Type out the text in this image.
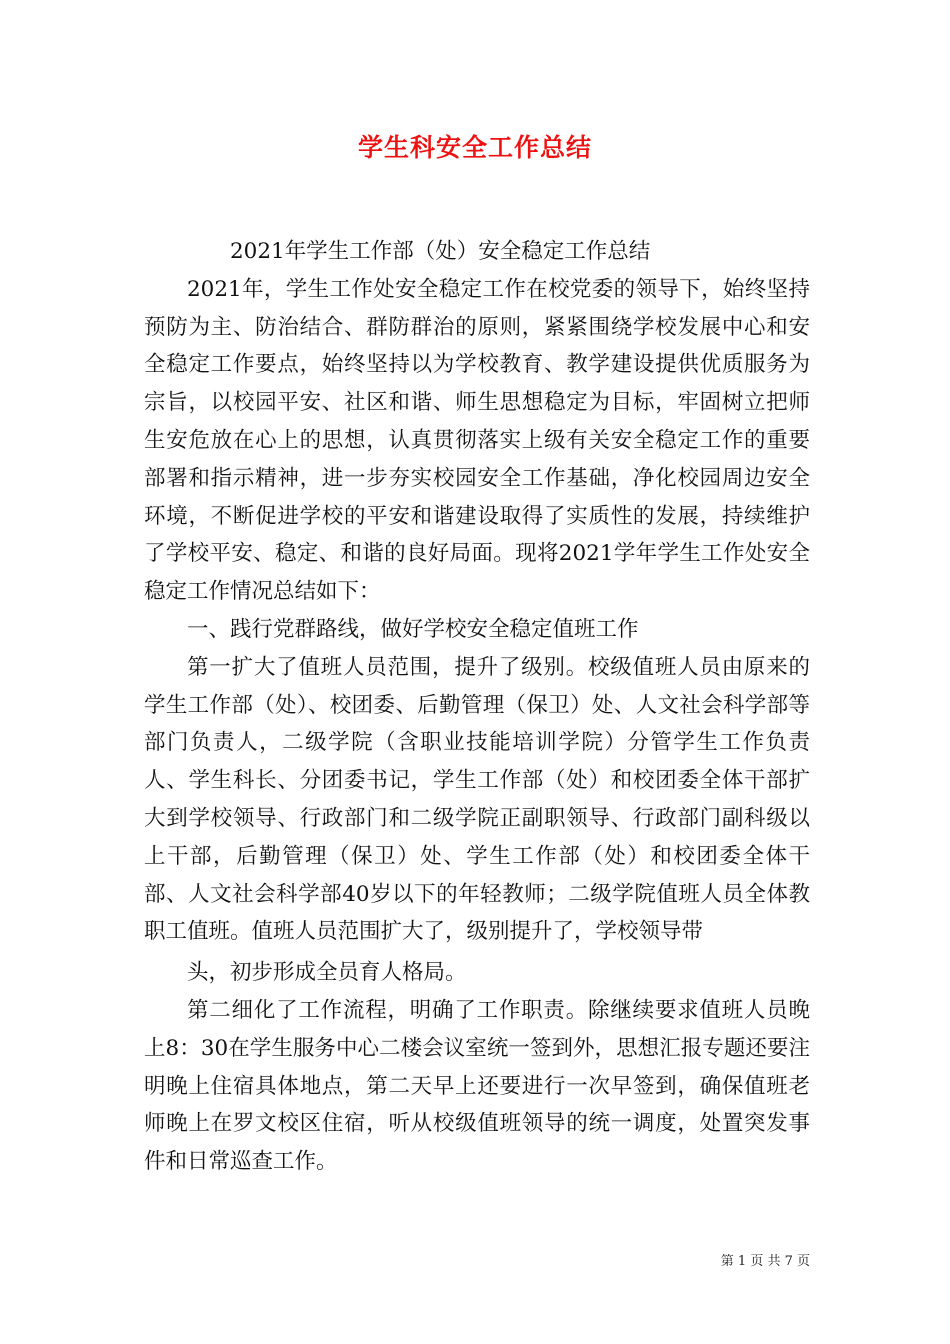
学生科安全工作总结

2021年学生工作部（处）安全稳定工作总结

2021年，学生工作处安全稳定工作在校党委的领导下，始终坚持预防为主、防治结合、群防群治的原则，紧紧围绕学校发展中心和安全稳定工作要点，始终坚持以为学校教育、教学建设提供优质服务为宗旨，以校园平安、社区和谐、师生思想稳定为目标，牢固树立把师生安危放在心上的思想，认真贯彻落实上级有关安全稳定工作的重要部署和指示精神，进一步夯实校园安全工作基础，净化校园周边安全环境，不断促进学校的平安和谐建设取得了实质性的发展，持续维护了学校平安、稳定、和谐的良好局面。现将2021学年学生工作处安全稳定工作情况总结如下：

一、践行党群路线，做好学校安全稳定值班工作

第一扩大了值班人员范围，提升了级别。校级值班人员由原来的学生工作部（处）、校团委、后勤管理（保卫）处、人文社会科学部等部门负责人，二级学院（含职业技能培训学院）分管学生工作负责人、学生科长、分团委书记，学生工作部（处）和校团委全体干部扩大到学校领导、行政部门和二级学院正副职领导、行政部门副科级以上干部，后勤管理（保卫）处、学生工作部（处）和校团委全体干部、人文社会科学部40岁以下的年轻教师；二级学院值班人员全体教职工值班。值班人员范围扩大了，级别提升了，学校领导带

头，初步形成全员育人格局。

第二细化了工作流程，明确了工作职责。除继续要求值班人员晚上8：30在学生服务中心二楼会议室统一签到外，思想汇报专题还要注明晚上住宿具体地点，第二天早上还要进行一次早签到，确保值班老师晚上在罗文校区住宿，听从校级值班领导的统一调度，处置突发事件和日常巡查工作。

第 1 页 共 7 页
